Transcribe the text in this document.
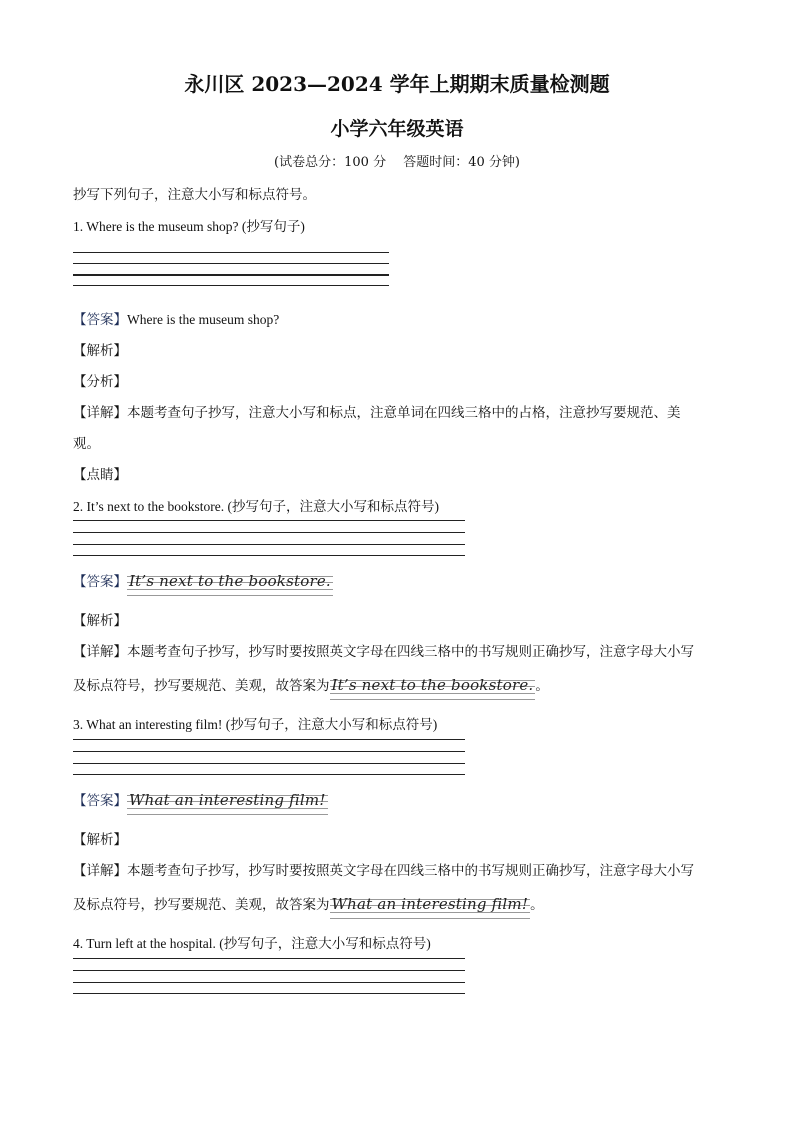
永川区 2023—2024 学年上期期末质量检测题
小学六年级英语
(试卷总分：100 分　 答题时间：40 分钟)
抄写下列句子，注意大小写和标点符号。
1. Where is the museum shop? (抄写句子)
【答案】Where is the museum shop?
【解析】
【分析】
【详解】本题考查句子抄写，注意大小写和标点，注意单词在四线三格中的占格，注意抄写要规范、美
观。
【点睛】
2. It’s next to the bookstore. (抄写句子，注意大小写和标点符号)
【答案】 It’s next to the bookstore.
【解析】
【详解】本题考查句子抄写，抄写时要按照英文字母在四线三格中的书写规则正确抄写，注意字母大小写
及标点符号，抄写要规范、美观，故答案为 It’s next to the bookstore. 。
3. What an interesting film! (抄写句子，注意大小写和标点符号)
【答案】 What an interesting film!
【解析】
【详解】本题考查句子抄写，抄写时要按照英文字母在四线三格中的书写规则正确抄写，注意字母大小写
及标点符号，抄写要规范、美观，故答案为 What an interesting film! 。
4. Turn left at the hospital. (抄写句子，注意大小写和标点符号)
